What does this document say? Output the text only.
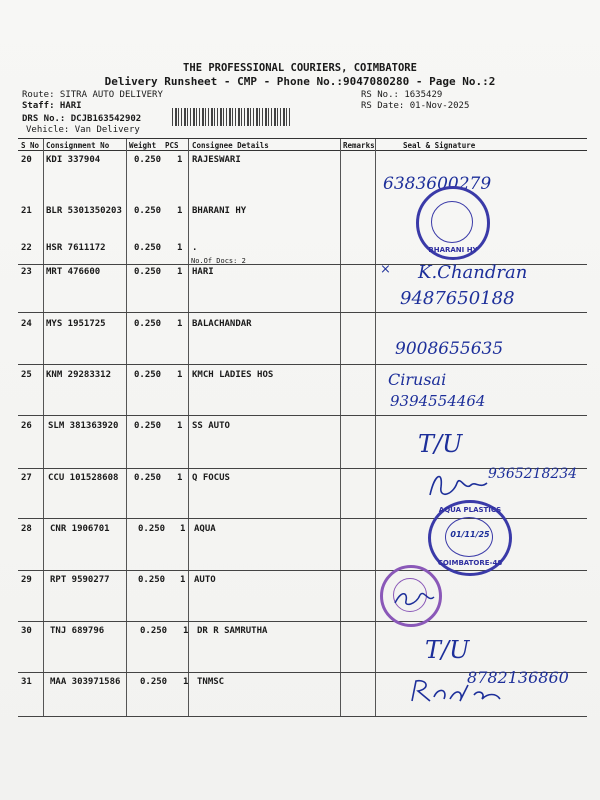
THE PROFESSIONAL COURIERS, COIMBATORE
Delivery Runsheet - CMP - Phone No.:9047080280 - Page No.:2
Route: SITRA AUTO DELIVERY
Staff: HARI
DRS No.: DCJB163542902
Vehicle: Van Delivery
RS No.: 1635429
RS Date: 01-Nov-2025
S No Consignment No	Weight PCS Consignee Details	Remarks	Seal & Signature
20 KDI 337904	0.250 1 RAJESWARI
21 BLR 5301350203 0.250 1 BHARANI HY
22 HSR 7611172	0.250 1 .
No.Of Docs: 2
23 MRT 476600	0.250 1 HARI
24 MYS 1951725	0.250 1 BALACHANDAR
25 KNM 29283312	0.250 1 KMCH LADIES HOS
26 SLM 381363920 0.250 1 SS AUTO
27 CCU 101528608 0.250 1 Q FOCUS
28 CNR 1906701	0.250 1 AQUA
29 RPT 9590277	0.250 1 AUTO
30 TNJ 689796	0.250 1 DR R SAMRUTHA
31 MAA 303971586 0.250 1 TNMSC
6383600279
× K.Chandran
9487650188
9008655635
Cirusai
9394554464
T/U
9365218234
T/U
8782136860
BHARANI HY
AQUA PLASTICS
01/11/25
COIMBATORE-48
